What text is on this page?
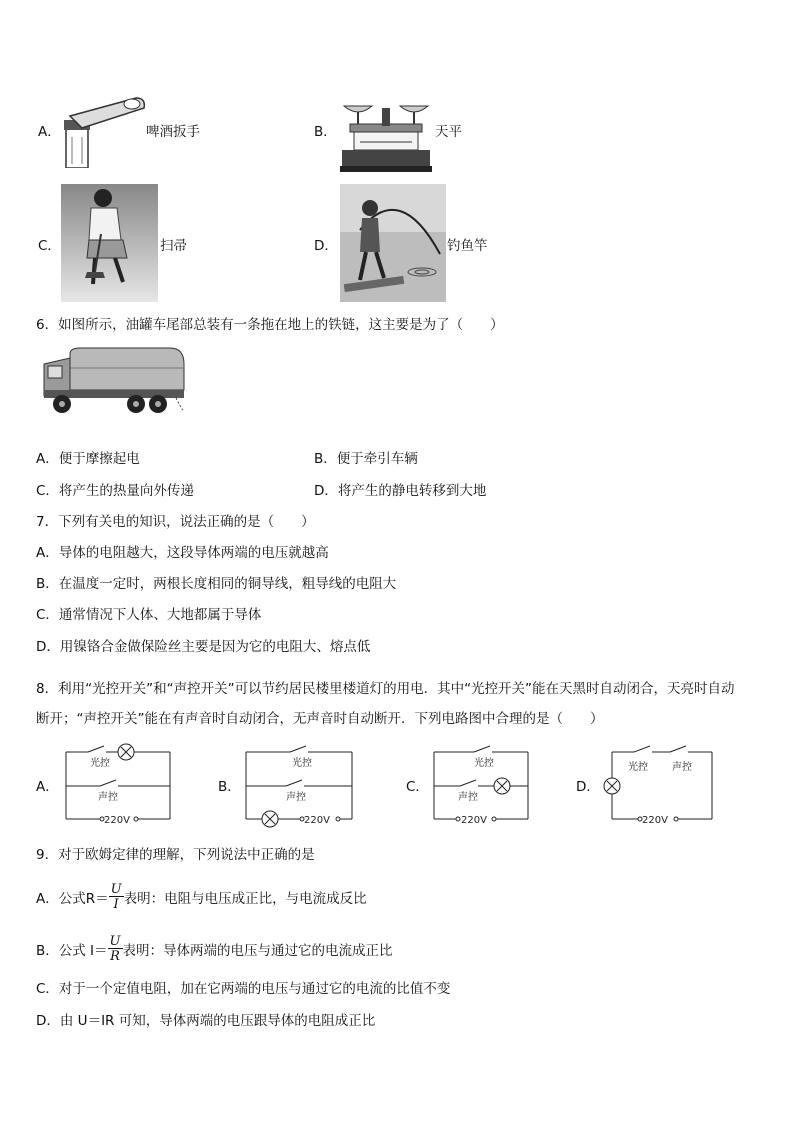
A．	啤酒扳手	B．	天平
C．	扫帚	D．	钓鱼竿
6．如图所示，油罐车尾部总装有一条拖在地上的铁链，这主要是为了（　　）
A．便于摩擦起电	B．便于牵引车辆
C．将产生的热量向外传递	D．将产生的静电转移到大地
7．下列有关电的知识，说法正确的是（　　）
A．导体的电阻越大，这段导体两端的电压就越高
B．在温度一定时，两根长度相同的铜导线，粗导线的电阻大
C．通常情况下人体、大地都属于导体
D．用镍铬合金做保险丝主要是因为它的电阻大、熔点低
8．利用“光控开关”和“声控开关”可以节约居民楼里楼道灯的用电．其中“光控开关”能在天黑时自动闭合，天亮时自动
断开；“声控开关”能在有声音时自动闭合，无声音时自动断开．下列电路图中合理的是（　　）
A．
光控
声控
220V
B．
光控
声控
220V
C．
光控
声控
220V
D．
光控 声控
220V
9．对于欧姆定律的理解，下列说法中正确的是
A．公式$R= \frac{U}{I}$ 表明：电阻与电压成正比，与电流成反比
B．公式 $I= \frac{U}{R}$ 表明：导体两端的电压与通过它的电流成正比
C．对于一个定值电阻，加在它两端的电压与通过它的电流的比值不变
D．由 U＝IR 可知，导体两端的电压跟导体的电阻成正比
